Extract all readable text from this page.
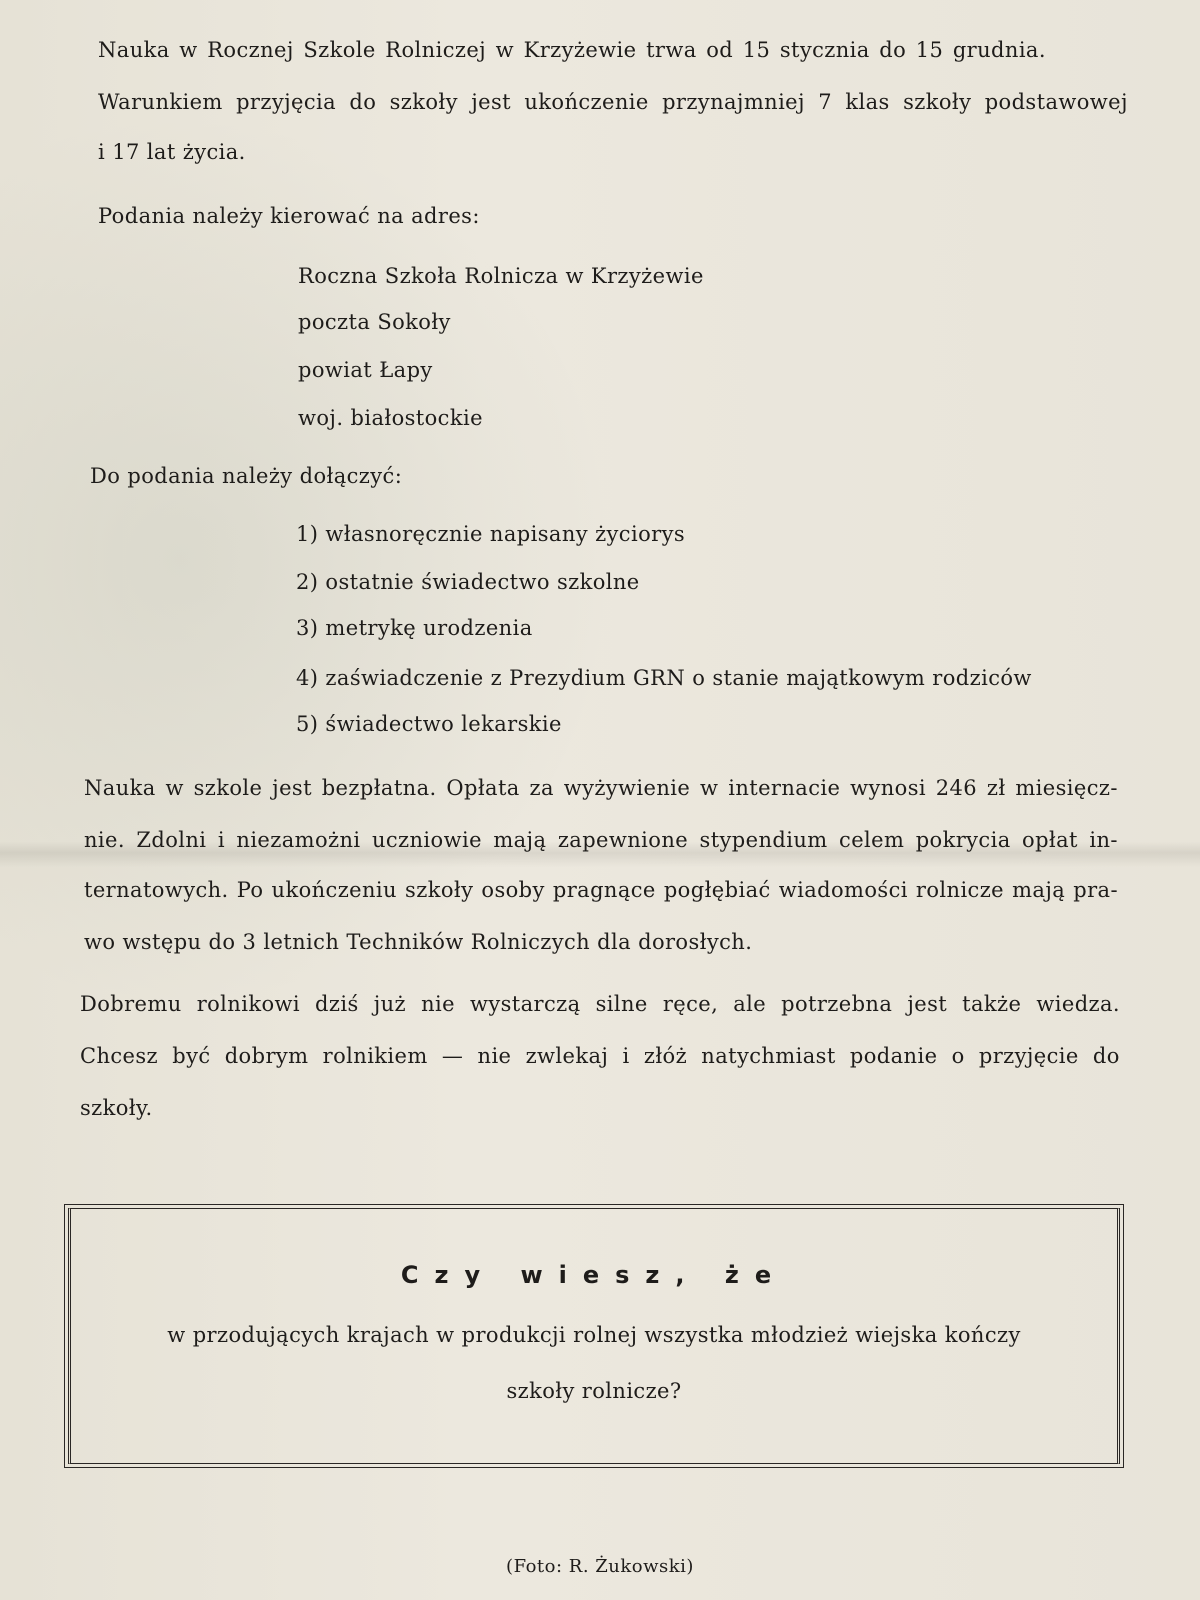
Nauka w Rocznej Szkole Rolniczej w Krzyżewie trwa od 15 stycznia do 15 grudnia.

Warunkiem przyjęcia do szkoły jest ukończenie przynajmniej 7 klas szkoły podstawowej

i 17 lat życia.

Podania należy kierować na adres:

Roczna Szkoła Rolnicza w Krzyżewie

poczta Sokoły

powiat Łapy

woj. białostockie

Do podania należy dołączyć:

1) własnoręcznie napisany życiorys

2) ostatnie świadectwo szkolne

3) metrykę urodzenia

4) zaświadczenie z Prezydium GRN o stanie majątkowym rodziców

5) świadectwo lekarskie

Nauka w szkole jest bezpłatna. Opłata za wyżywienie w internacie wynosi 246 zł miesięcz-

nie. Zdolni i niezamożni uczniowie mają zapewnione stypendium celem pokrycia opłat in-

ternatowych. Po ukończeniu szkoły osoby pragnące pogłębiać wiadomości rolnicze mają pra-

wo wstępu do 3 letnich Techników Rolniczych dla dorosłych.

Dobremu rolnikowi dziś już nie wystarczą silne ręce, ale potrzebna jest także wiedza.

Chcesz być dobrym rolnikiem — nie zwlekaj i złóż natychmiast podanie o przyjęcie do

szkoły.

Czy wiesz, że
w przodujących krajach w produkcji rolnej wszystka młodzież wiejska kończy
szkoły rolnicze?
(Foto: R. Żukowski)
